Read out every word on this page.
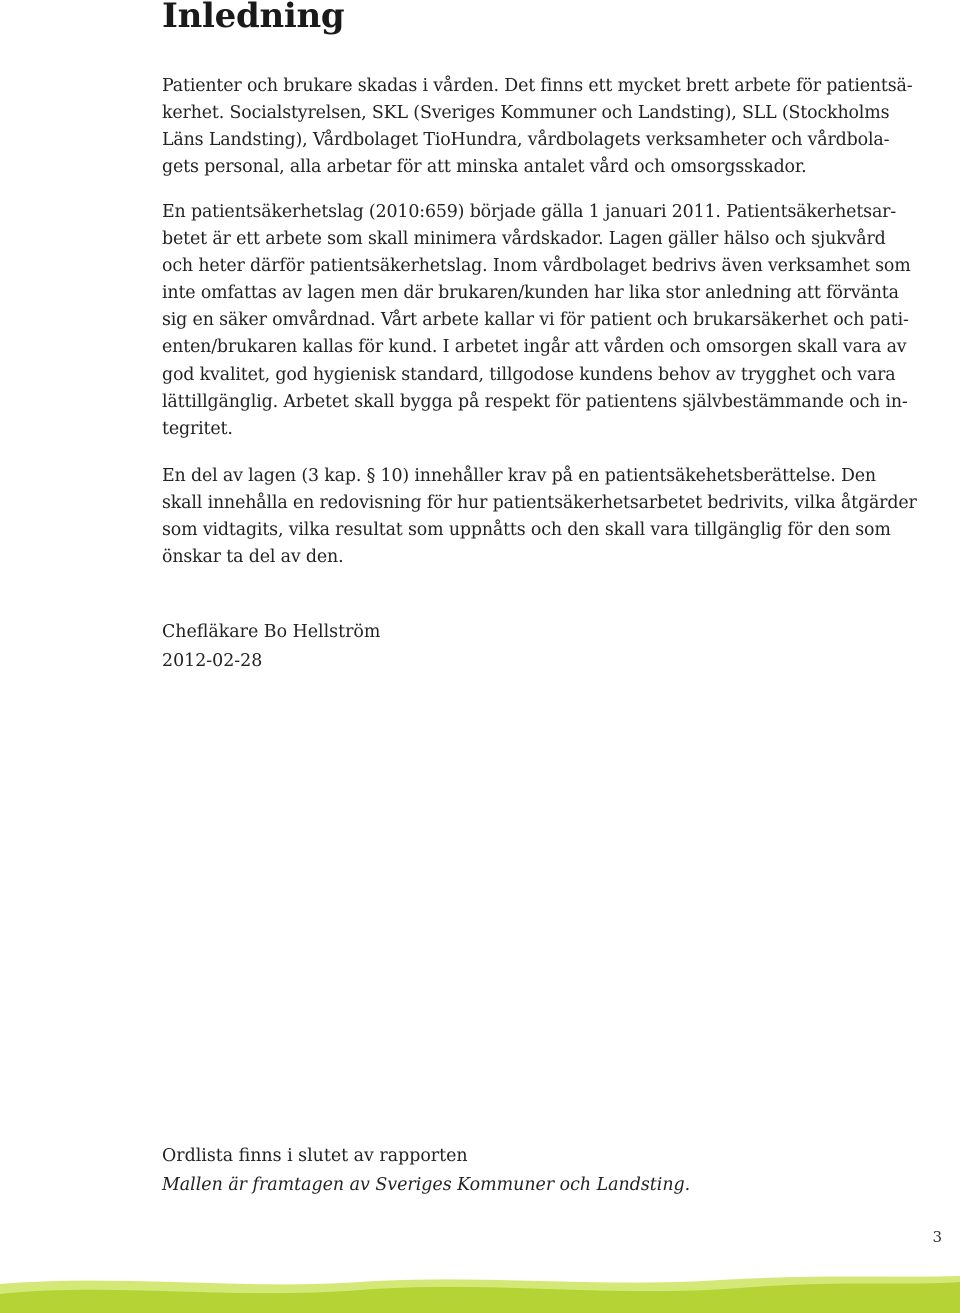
Inledning

Patienter och brukare skadas i vården. Det finns ett mycket brett arbete för patientsä-
kerhet. Socialstyrelsen, SKL (Sveriges Kommuner och Landsting), SLL (Stockholms
Läns Landsting), Vårdbolaget TioHundra, vårdbolagets verksamheter och vårdbola-
gets personal, alla arbetar för att minska antalet vård och omsorgsskador.

En patientsäkerhetslag (2010:659) började gälla 1 januari 2011. Patientsäkerhetsar-
betet är ett arbete som skall minimera vårdskador. Lagen gäller hälso och sjukvård
och heter därför patientsäkerhetslag. Inom vårdbolaget bedrivs även verksamhet som
inte omfattas av lagen men där brukaren/kunden har lika stor anledning att förvänta
sig en säker omvårdnad. Vårt arbete kallar vi för patient och brukarsäkerhet och pati-
enten/brukaren kallas för kund. I arbetet ingår att vården och omsorgen skall vara av
god kvalitet, god hygienisk standard, tillgodose kundens behov av trygghet och vara
lättillgänglig. Arbetet skall bygga på respekt för patientens självbestämmande och in-
tegritet.

En del av lagen (3 kap. § 10) innehåller krav på en patientsäkehetsberättelse. Den
skall innehålla en redovisning för hur patientsäkerhetsarbetet bedrivits, vilka åtgärder
som vidtagits, vilka resultat som uppnåtts och den skall vara tillgänglig för den som
önskar ta del av den.

Chefläkare Bo Hellström

2012-02-28

Ordlista finns i slutet av rapporten

Mallen är framtagen av Sveriges Kommuner och Landsting.

3
